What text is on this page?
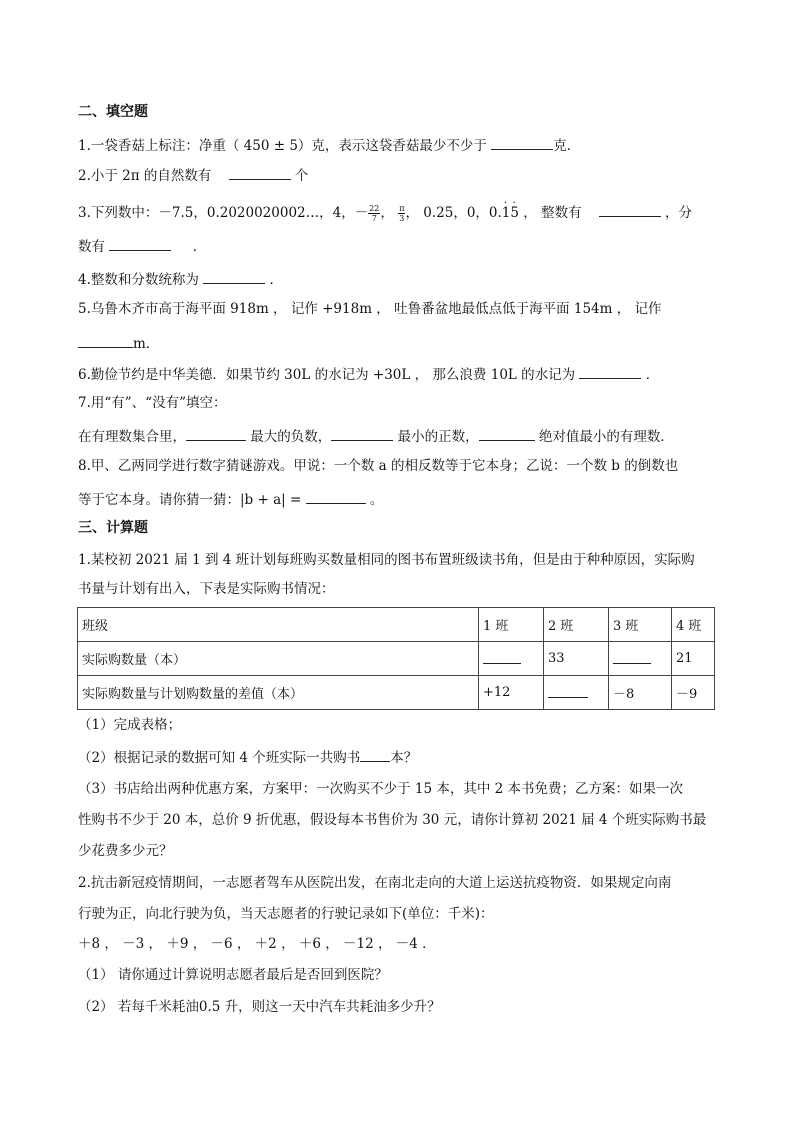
二、填空题
1.一袋香菇上标注：净重（ 450 ± 5）克，表示这袋香菇最少不少于	克．
2.小于 2π 的自然数有	个
3.下列数中：－7.5，0.2020020002…，4，－ $\frac{22}{7}$ ， $\frac{\pi}{3}$ ， 0.25，0，0.· 1· 5 ， 整数有	，分
数有	．
4.整数和分数统称为	．
5.乌鲁木齐市高于海平面 918m ， 记作 +918m ， 吐鲁番盆地最低点低于海平面 154m ， 记作
m．
6.勤俭节约是中华美德．如果节约 30L 的水记为 +30L ， 那么浪费 10L 的水记为	．
7.用“有”、“没有”填空：
在有理数集合里，	最大的负数，	最小的正数，	绝对值最小的有理数．
8.甲、乙两同学进行数字猜谜游戏。甲说：一个数 a 的相反数等于它本身；乙说：一个数 b 的倒数也
等于它本身。请你猜一猜：|b + a| =	。
三、计算题
1.某校初 2021 届 1 到 4 班计划每班购买数量相同的图书布置班级读书角，但是由于种种原因，实际购
书量与计划有出入，下表是实际购书情况：
班级	1 班	2 班	3 班	4 班
实际购数量（本）		33		21
实际购数量与计划购数量的差值（本）	+12		－8	－9
（1）完成表格；
（2）根据记录的数据可知 4 个班实际一共购书 本？
（3）书店给出两种优惠方案，方案甲：一次购买不少于 15 本，其中 2 本书免费；乙方案：如果一次
性购书不少于 20 本，总价 9 折优惠，假设每本书售价为 30 元，请你计算初 2021 届 4 个班实际购书最
少花费多少元？
2.抗击新冠疫情期间，一志愿者驾车从医院出发，在南北走向的大道上运送抗疫物资．如果规定向南
行驶为正，向北行驶为负，当天志愿者的行驶记录如下(单位：千米)：
＋8 ， －3 ， ＋9 ， －6 ， ＋2 ， ＋6 ， －12 ， －4 ．
（1） 请你通过计算说明志愿者最后是否回到医院？
（2） 若每千米耗油0.5 升，则这一天中汽车共耗油多少升？
